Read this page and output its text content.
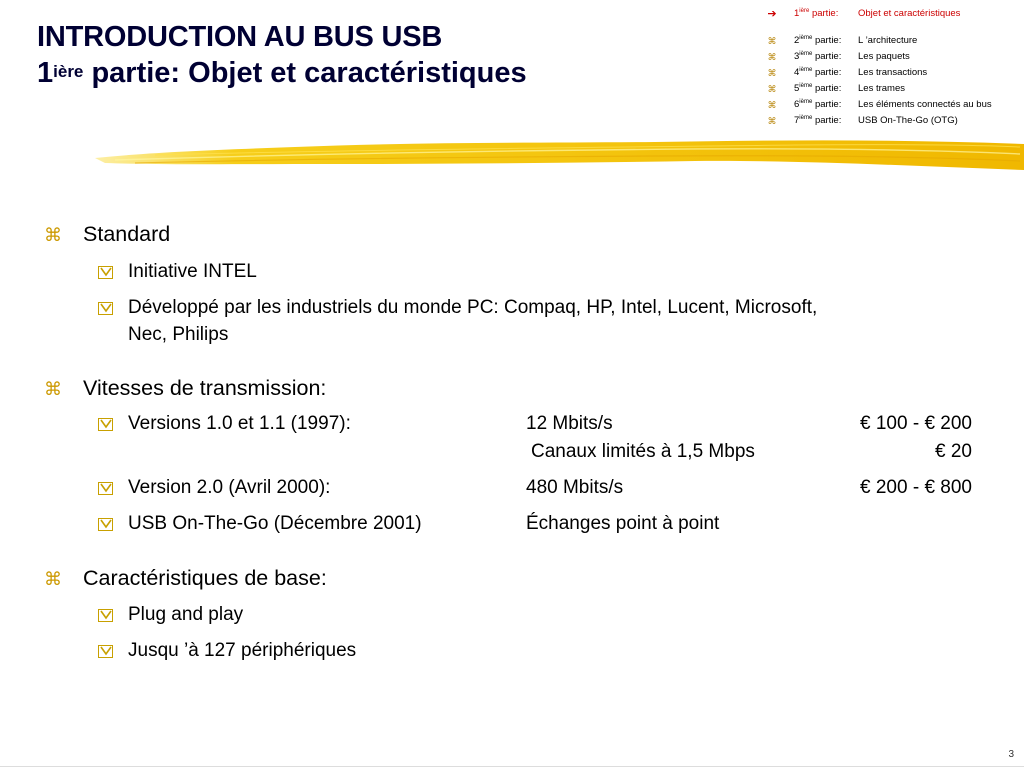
INTRODUCTION AU BUS USB
$1^{ière}$ partie: Objet et caractéristiques
➔ $1^{ière}$ partie: Objet et caractéristiques
⌘ 2ième partie: L ’architecture
⌘ 3ième partie: Les paquets
⌘ 4ième partie: Les transactions
⌘ 5ième partie: Les trames
⌘ 6ième partie: Les éléments connectés au bus
⌘ 7ième partie: USB On-The-Go (OTG)
⌘ Standard
Initiative INTEL
Développé par les industriels du monde PC: Compaq, HP, Intel, Lucent, Microsoft,
Nec, Philips
⌘ Vitesses de transmission:
Versions 1.0 et 1.1 (1997):	12 Mbits/s	€ 100 - € 200
Canaux limités à 1,5 Mbps	€ 20
Version 2.0 (Avril 2000):	480 Mbits/s	€ 200 - € 800
USB On-The-Go (Décembre 2001)	Échanges point à point
⌘ Caractéristiques de base:
Plug and play
Jusqu ’à 127 périphériques
3
